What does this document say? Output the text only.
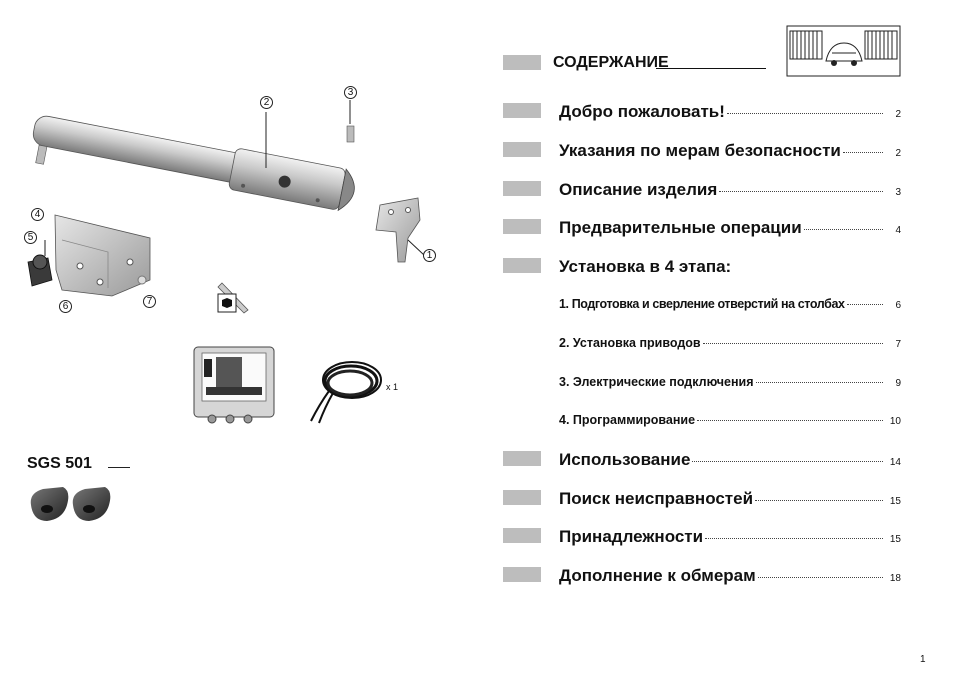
1
2
3
4
5
6	7
x 1
SGS 501
СОДЕРЖАНИЕ
Добро пожаловать!	2
Указания по мерам безопасности	2
Описание изделия	3
Предварительные операции	4
Установка в 4 этапа:
1. Подготовка и сверление отверстий на столбах	6
2. Установка приводов	7
3. Электрические подключения	9
4. Программирование	10
Использование	14
Поиск неисправностей	15
Принадлежности	15
Дополнение к обмерам	18
1
